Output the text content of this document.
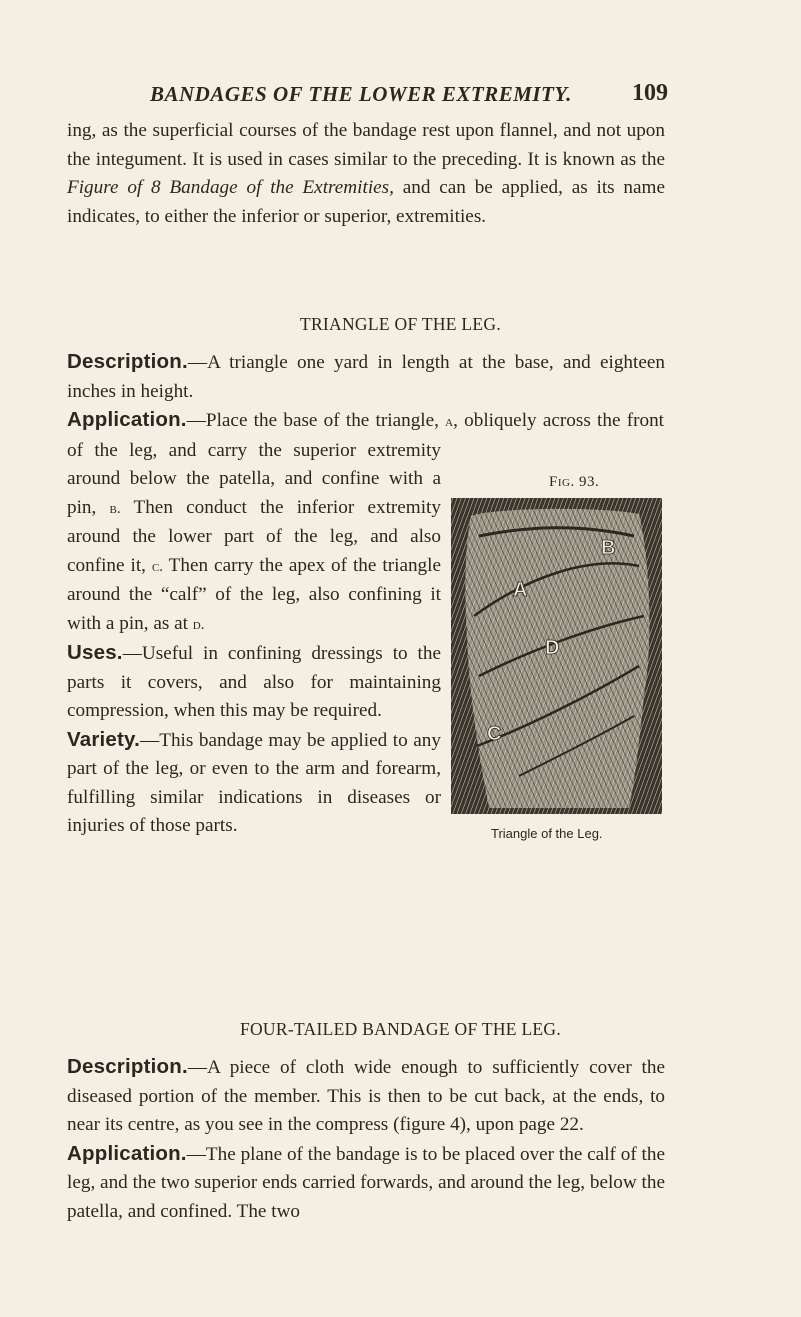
BANDAGES OF THE LOWER EXTREMITY.	109
ing, as the superficial courses of the bandage rest upon flannel, and not upon the integument. It is used in cases similar to the preceding. It is known as the Figure of 8 Bandage of the Extremities, and can be applied, as its name indicates, to either the inferior or superior, extremities.
TRIANGLE OF THE LEG.

Description.—A triangle one yard in length at the base, and eighteen inches in height.

Fig. 93.
A
B
C
D
Triangle of the Leg.

Application.—Place the base of the triangle, a, obliquely across the front of the leg, and carry the superior extremity around below the patella, and confine with a pin, b. Then conduct the inferior extremity around the lower part of the leg, and also confine it, c. Then carry the apex of the triangle around the “calf” of the leg, also confining it with a pin, as at d.

Uses.—Useful in confining dressings to the parts it covers, and also for maintaining compression, when this may be required.

Variety.—This bandage may be applied to any part of the leg, or even to the arm and forearm, fulfilling similar indications in diseases or injuries of those parts.

FOUR-TAILED BANDAGE OF THE LEG.

Description.—A piece of cloth wide enough to sufficiently cover the diseased portion of the member. This is then to be cut back, at the ends, to near its centre, as you see in the compress (figure 4), upon page 22.

Application.—The plane of the bandage is to be placed over the calf of the leg, and the two superior ends carried forwards, and around the leg, below the patella, and confined. The two
